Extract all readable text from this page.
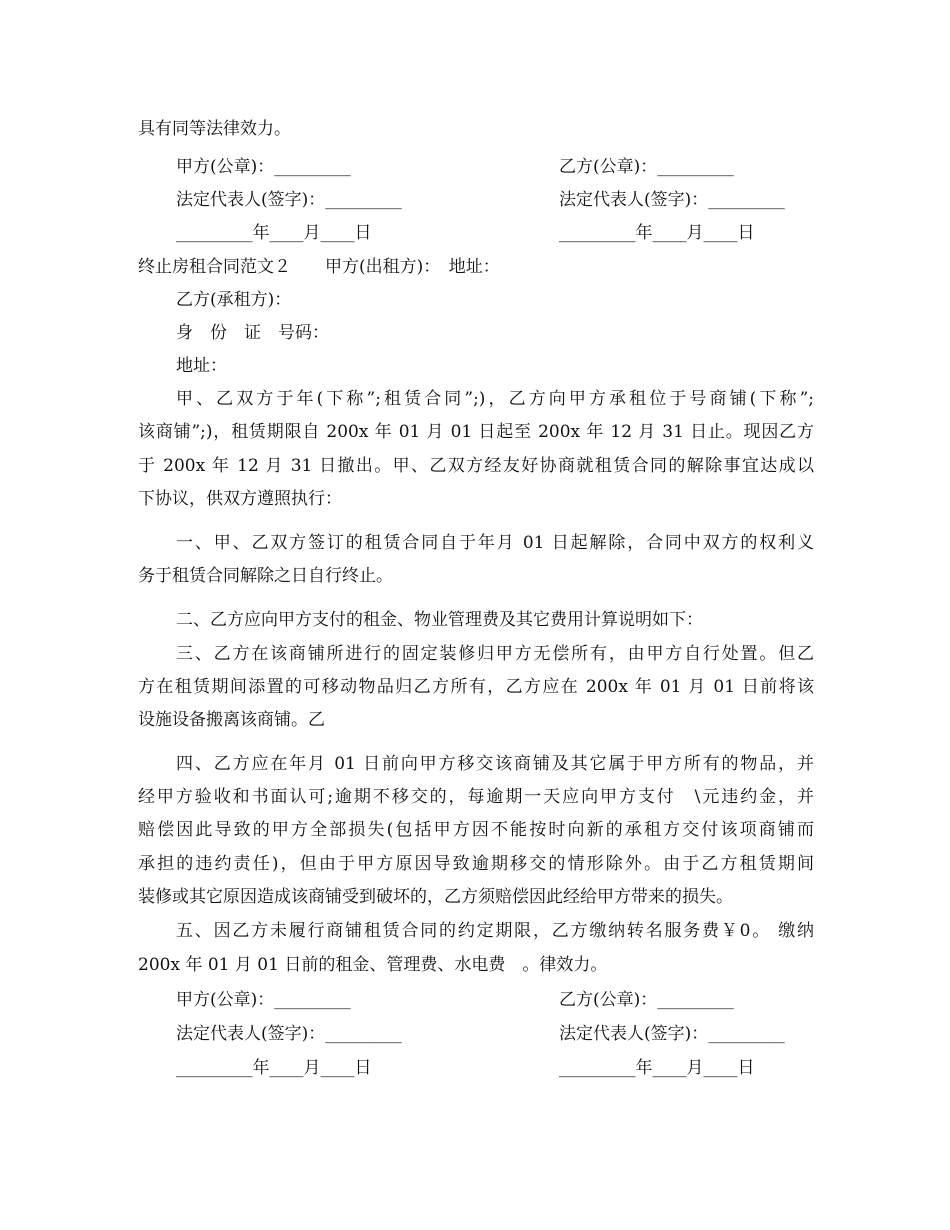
具有同等法律效力。
甲方(公章)：_________	乙方(公章)：_________
法定代表人(签字)：_________	法定代表人(签字)：_________
_________年____月____日	_________年____月____日
终止房租合同范文２　　甲方(出租方)：　地址：
乙方(承租方)：
身　份　证　号码：
地址：
甲、乙双方于年(下称”;租赁合同”;)，乙方向甲方承租位于号商铺(下称”;
该商铺”;)，租赁期限自 200x 年 01 月 01 日起至 200x 年 12 月 31 日止。现因乙方
于 200x 年 12 月 31 日撤出。甲、乙双方经友好协商就租赁合同的解除事宜达成以
下协议，供双方遵照执行：
一、甲、乙双方签订的租赁合同自于年月 01 日起解除，合同中双方的权利义
务于租赁合同解除之日自行终止。
二、乙方应向甲方支付的租金、物业管理费及其它费用计算说明如下：
三、乙方在该商铺所进行的固定装修归甲方无偿所有，由甲方自行处置。但乙
方在租赁期间添置的可移动物品归乙方所有，乙方应在 200x 年 01 月 01 日前将该
设施设备搬离该商铺。乙
四、乙方应在年月 01 日前向甲方移交该商铺及其它属于甲方所有的物品，并
经甲方验收和书面认可;逾期不移交的，每逾期一天应向甲方支付　\元违约金，并
赔偿因此导致的甲方全部损失(包括甲方因不能按时向新的承租方交付该项商铺而
承担的违约责任)，但由于甲方原因导致逾期移交的情形除外。由于乙方租赁期间
装修或其它原因造成该商铺受到破坏的，乙方须赔偿因此经给甲方带来的损失。
五、因乙方未履行商铺租赁合同的约定期限，乙方缴纳转名服务费￥0。 缴纳
200x 年 01 月 01 日前的租金、管理费、水电费　。律效力。
甲方(公章)：_________	乙方(公章)：_________
法定代表人(签字)：_________	法定代表人(签字)：_________
_________年____月____日	_________年____月____日
